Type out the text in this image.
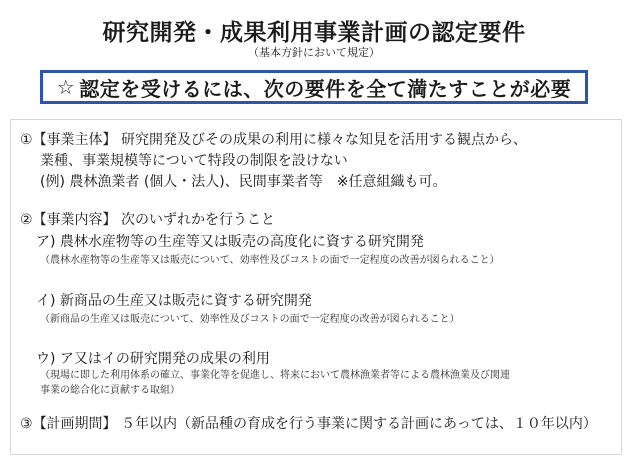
研究開発・成果利用事業計画の認定要件
（基本方針において規定）
☆ 認定を受けるには、次の要件を全て満たすことが必要
①【事業主体】 研究開発及びその成果の利用に様々な知見を活用する観点から、
業種、事業規模等について特段の制限を設けない
(例) 農林漁業者 (個人・法人)、民間事業者等　※任意組織も可。
②【事業内容】 次のいずれかを行うこと
ア) 農林水産物等の生産等又は販売の高度化に資する研究開発
（農林水産物等の生産等又は販売について、効率性及びコストの面で一定程度の改善が図られること）
イ) 新商品の生産又は販売に資する研究開発
（新商品の生産又は販売について、効率性及びコストの面で一定程度の改善が図られること）
ウ) ア又はイの研究開発の成果の利用
（現場に即した利用体系の確立、事業化等を促進し、将来において農林漁業者等による農林漁業及び関連
事業の総合化に貢献する取組）
③【計画期間】 ５年以内（新品種の育成を行う事業に関する計画にあっては、１０年以内）
